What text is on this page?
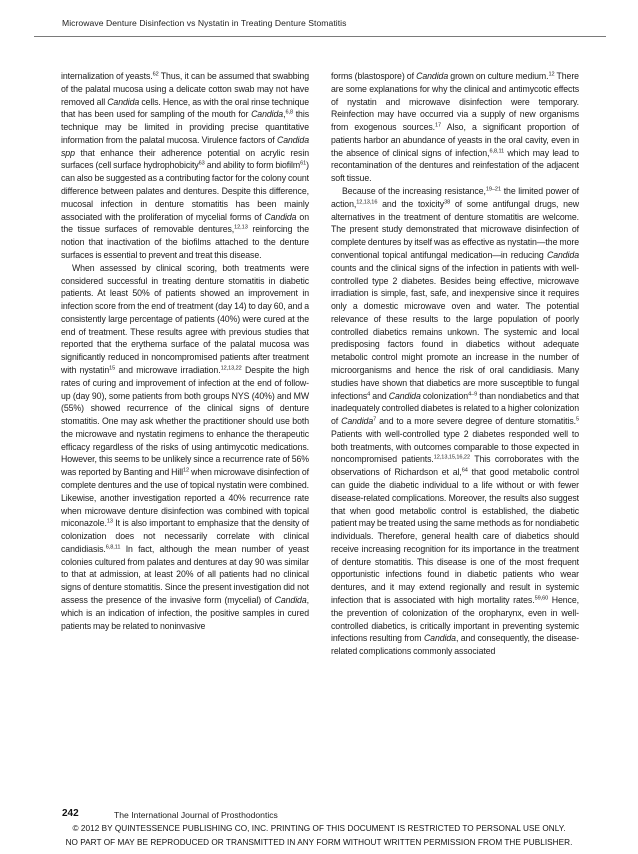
Microwave Denture Disinfection vs Nystatin in Treating Denture Stomatitis

internalization of yeasts.$^{62}$ Thus, it can be assumed that swabbing of the palatal mucosa using a delicate cotton swab may not have removed all Candida cells. Hence, as with the oral rinse technique that has been used for sampling of the mouth for Candida,$^{6,8}$ this technique may be limited in providing precise quantitative information from the palatal mucosa. Virulence factors of Candida spp that enhance their adherence potential on acrylic resin surfaces (cell surface hydrophobicity$^{63}$ and ability to form biofilm$^{61}$) can also be suggested as a contributing factor for the colony count difference between palates and dentures. Despite this difference, mucosal infection in denture stomatitis has been mainly associated with the proliferation of mycelial forms of Candida on the tissue surfaces of removable dentures,$^{12,13}$ reinforcing the notion that inactivation of the biofilms attached to the denture surfaces is essential to prevent and treat this disease.

When assessed by clinical scoring, both treatments were considered successful in treating denture stomatitis in diabetic patients. At least 50% of patients showed an improvement in infection score from the end of treatment (day 14) to day 60, and a consistently large percentage of patients (40%) were cured at the end of treatment. These results agree with previous studies that reported that the erythema surface of the palatal mucosa was significantly reduced in noncompromised patients after treatment with nystatin$^{15}$ and microwave irradiation.$^{12,13,22}$ Despite the high rates of curing and improvement of infection at the end of follow-up (day 90), some patients from both groups NYS (40%) and MW (55%) showed recurrence of the clinical signs of denture stomatitis. One may ask whether the practitioner should use both the microwave and nystatin regimens to enhance the therapeutic efficacy regardless of the risks of using antimycotic medications. However, this seems to be unlikely since a recurrence rate of 56% was reported by Banting and Hill$^{12}$ when microwave disinfection of complete dentures and the use of topical nystatin were combined. Likewise, another investigation reported a 40% recurrence rate when microwave denture disinfection was combined with topical miconazole.$^{13}$ It is also important to emphasize that the density of colonization does not necessarily correlate with clinical candidiasis.$^{6,8,11}$ In fact, although the mean number of yeast colonies cultured from palates and dentures at day 90 was similar to that at admission, at least 20% of all patients had no clinical signs of denture stomatitis. Since the present investigation did not assess the presence of the invasive form (mycelial) of Candida, which is an indication of infection, the positive samples in cured patients may be related to noninvasive

forms (blastospore) of Candida grown on culture medium.$^{12}$ There are some explanations for why the clinical and antimycotic effects of nystatin and microwave disinfection were temporary. Reinfection may have occurred via a supply of new organisms from exogenous sources.$^{17}$ Also, a significant proportion of patients harbor an abundance of yeasts in the oral cavity, even in the absence of clinical signs of infection,$^{6,8,11}$ which may lead to recontamination of the dentures and reinfestation of the adjacent soft tissue.

Because of the increasing resistance,$^{19-21}$ the limited power of action,$^{12,13,16}$ and the toxicity$^{38}$ of some antifungal drugs, new alternatives in the treatment of denture stomatitis are welcome. The present study demonstrated that microwave disinfection of complete dentures by itself was as effective as nystatin—the more conventional topical antifungal medication—in reducing Candida counts and the clinical signs of the infection in patients with well-controlled type 2 diabetes. Besides being effective, microwave irradiation is simple, fast, safe, and inexpensive since it requires only a domestic microwave oven and water. The potential relevance of these results to the large population of poorly controlled diabetics remains unkown. The systemic and local predisposing factors found in diabetics without adequate metabolic control might promote an increase in the number of microorganisms and hence the risk of oral candidiasis. Many studies have shown that diabetics are more susceptible to fungal infections$^4$ and Candida colonization$^{4-9}$ than nondiabetics and that inadequately controlled diabetes is related to a higher colonization of Candida$^7$ and to a more severe degree of denture stomatitis.$^5$ Patients with well-controlled type 2 diabetes responded well to both treatments, with outcomes comparable to those expected in noncompromised patients.$^{12,13,15,16,22}$ This corroborates with the observations of Richardson et al,$^{64}$ that good metabolic control can guide the diabetic individual to a life without or with fewer disease-related complications. Moreover, the results also suggest that when good metabolic control is established, the diabetic patient may be treated using the same methods as for nondiabetic individuals. Therefore, general health care of diabetics should receive increasing recognition for its importance in the treatment of denture stomatitis. This disease is one of the most frequent opportunistic infections found in diabetic patients who wear dentures, and it may extend regionally and result in systemic infection that is associated with high mortality rates.$^{59,60}$ Hence, the prevention of colonization of the oropharynx, even in well-controlled diabetics, is critically important in preventing systemic infections resulting from Candida, and consequently, the disease-related complications commonly associated

242	The International Journal of Prosthodontics
© 2012 BY QUINTESSENCE PUBLISHING CO, INC. PRINTING OF THIS DOCUMENT IS RESTRICTED TO PERSONAL USE ONLY.
NO PART OF MAY BE REPRODUCED OR TRANSMITTED IN ANY FORM WITHOUT WRITTEN PERMISSION FROM THE PUBLISHER.
